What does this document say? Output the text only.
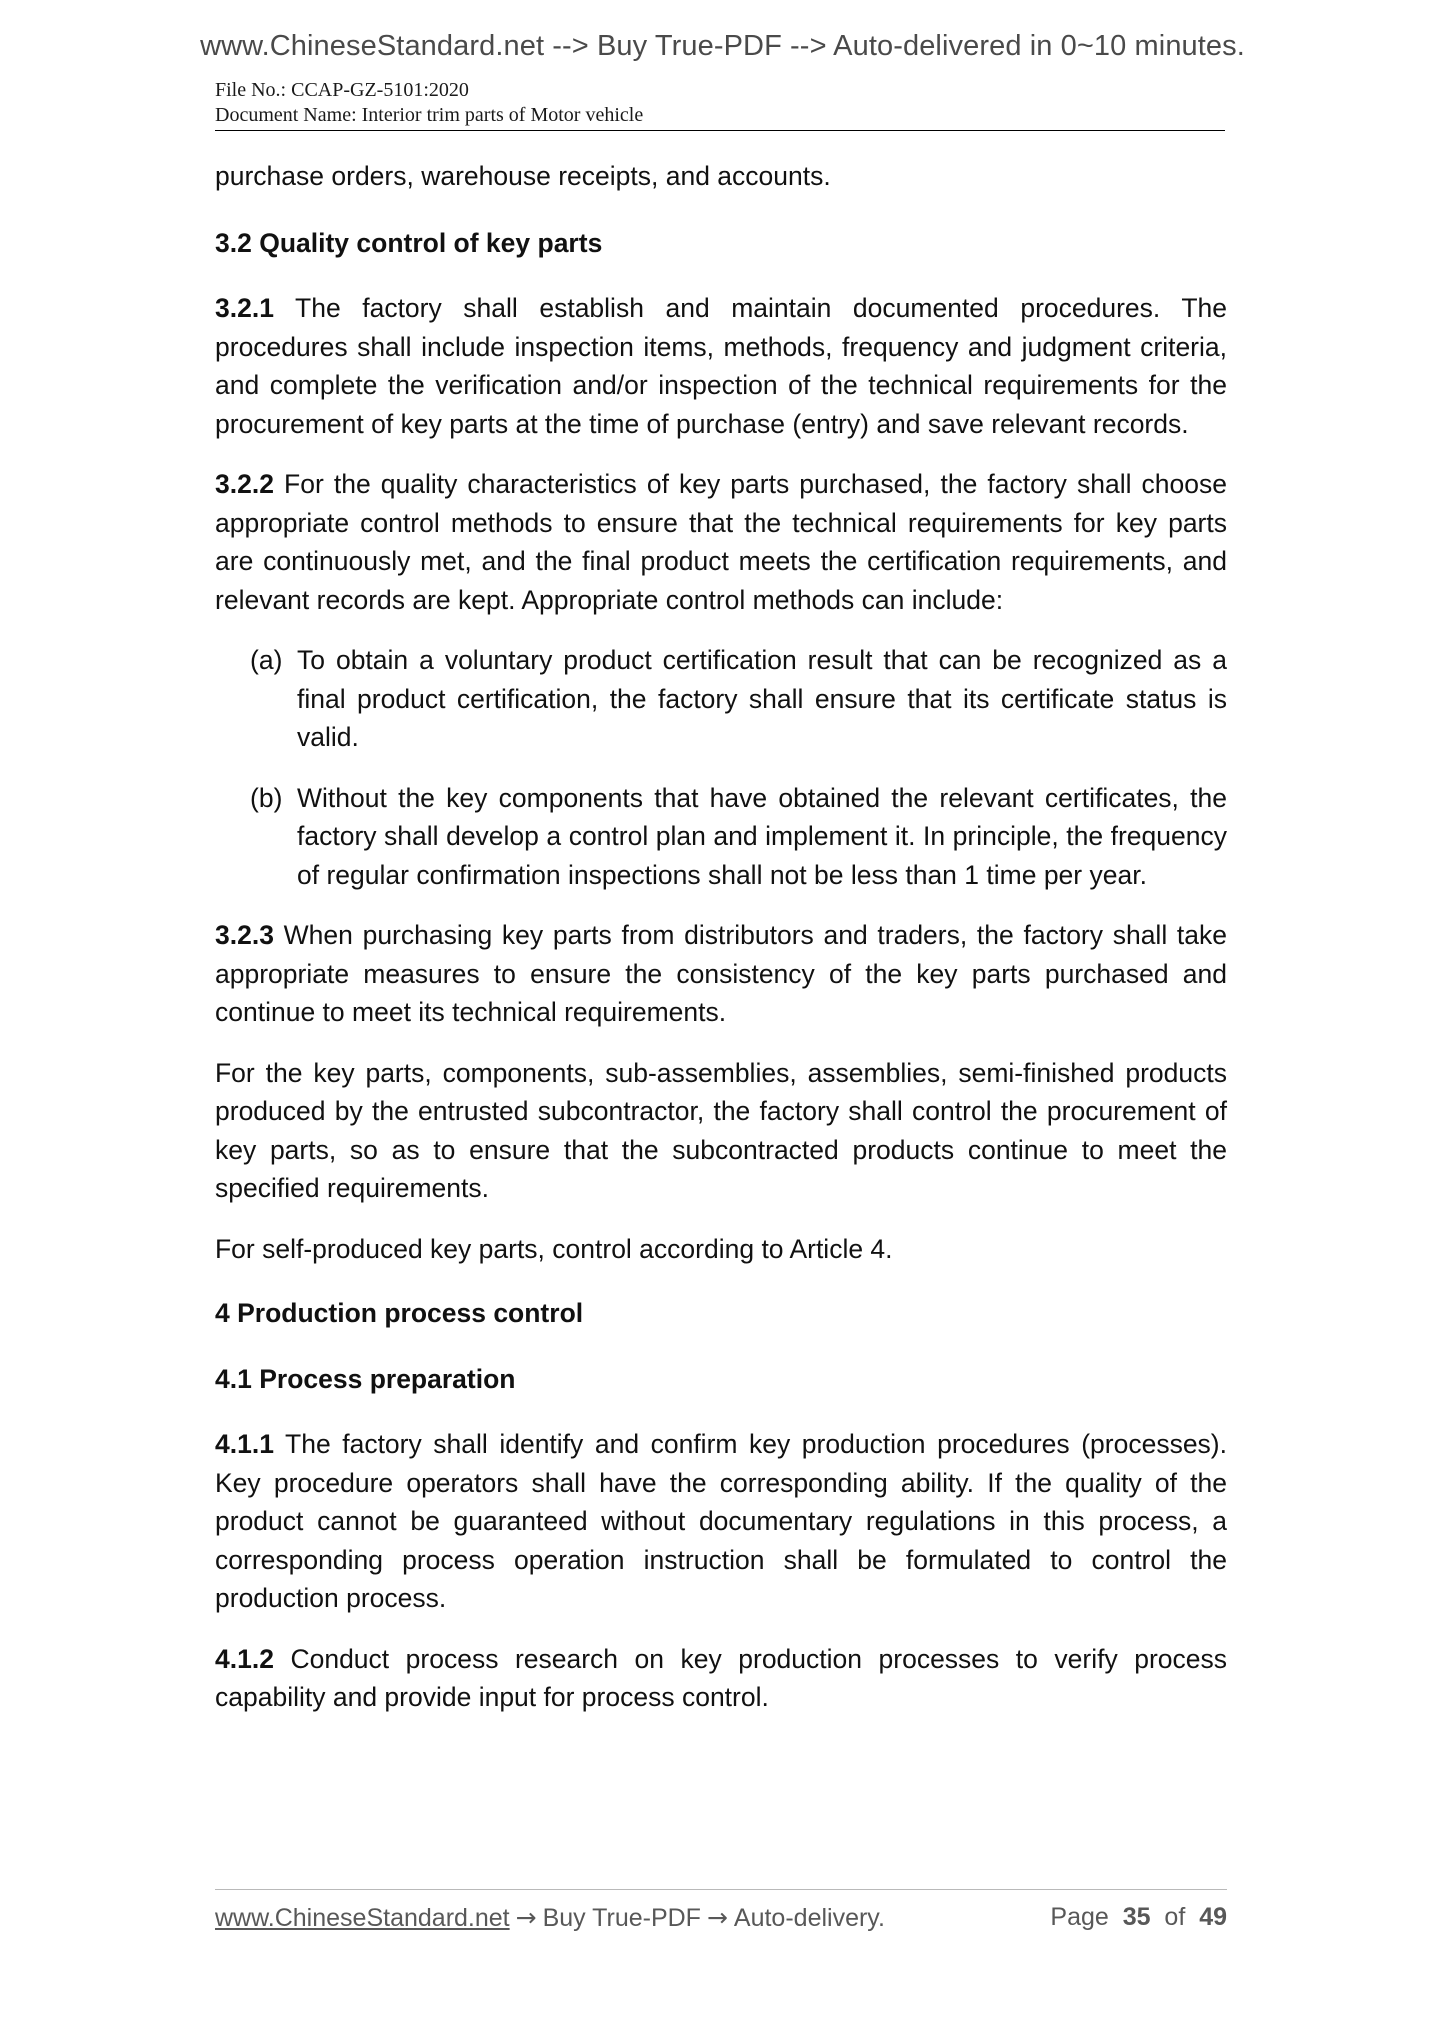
www.ChineseStandard.net --> Buy True-PDF --> Auto-delivered in 0~10 minutes.
File No.: CCAP-GZ-5101:2020
Document Name: Interior trim parts of Motor vehicle

purchase orders, warehouse receipts, and accounts.

3.2 Quality control of key parts

3.2.1 The factory shall establish and maintain documented procedures. The procedures shall include inspection items, methods, frequency and judgment criteria, and complete the verification and/or inspection of the technical requirements for the procurement of key parts at the time of purchase (entry) and save relevant records.

3.2.2 For the quality characteristics of key parts purchased, the factory shall choose appropriate control methods to ensure that the technical requirements for key parts are continuously met, and the final product meets the certification requirements, and relevant records are kept. Appropriate control methods can include:

(a) To obtain a voluntary product certification result that can be recognized as a final product certification, the factory shall ensure that its certificate status is valid.
(b) Without the key components that have obtained the relevant certificates, the factory shall develop a control plan and implement it. In principle, the frequency of regular confirmation inspections shall not be less than 1 time per year.

3.2.3 When purchasing key parts from distributors and traders, the factory shall take appropriate measures to ensure the consistency of the key parts purchased and continue to meet its technical requirements.

For the key parts, components, sub-assemblies, assemblies, semi-finished products produced by the entrusted subcontractor, the factory shall control the procurement of key parts, so as to ensure that the subcontracted products continue to meet the specified requirements.

For self-produced key parts, control according to Article 4.

4 Production process control
4.1 Process preparation

4.1.1 The factory shall identify and confirm key production procedures (processes). Key procedure operators shall have the corresponding ability. If the quality of the product cannot be guaranteed without documentary regulations in this process, a corresponding process operation instruction shall be formulated to control the production process.

4.1.2 Conduct process research on key production processes to verify process capability and provide input for process control.

www.ChineseStandard.net → Buy True-PDF → Auto-delivery.	Page 35 of 49
